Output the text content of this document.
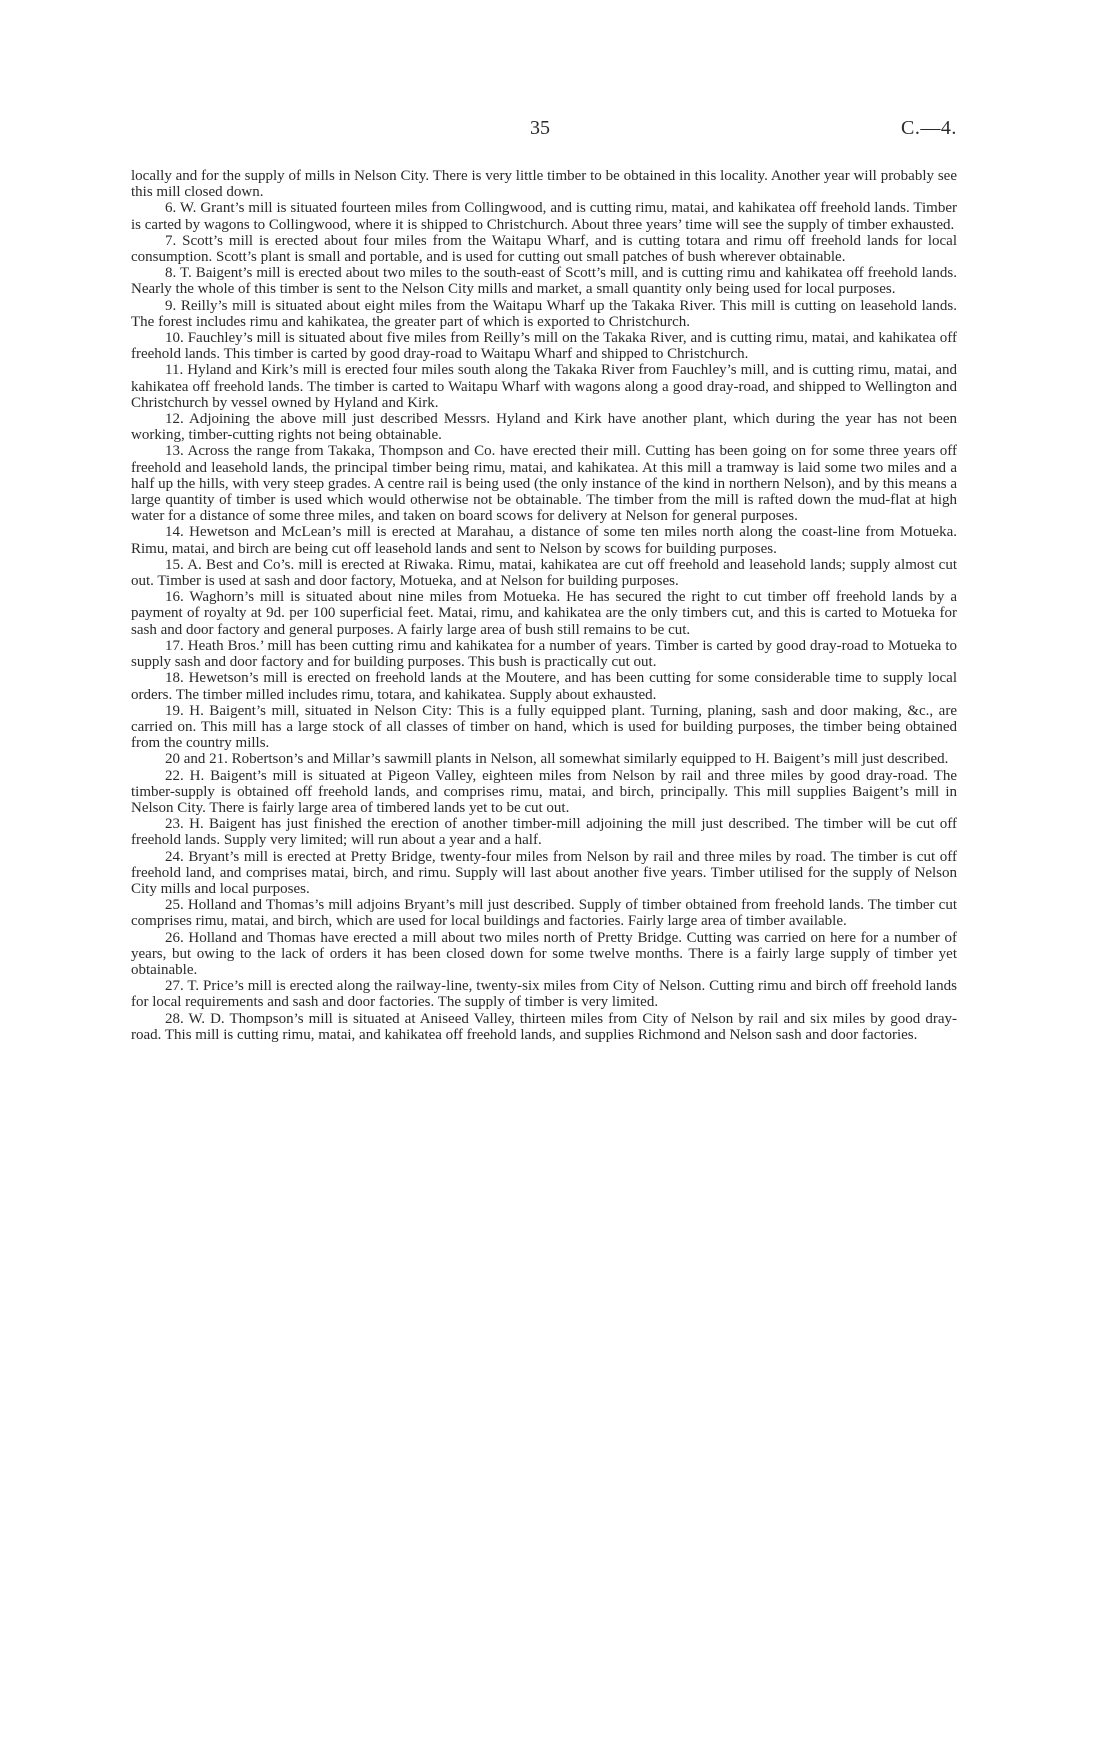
35	C.—4.

locally and for the supply of mills in Nelson City. There is very little timber to be obtained in this locality. Another year will probably see this mill closed down.

6. W. Grant’s mill is situated fourteen miles from Collingwood, and is cutting rimu, matai, and kahikatea off freehold lands. Timber is carted by wagons to Collingwood, where it is shipped to Christchurch. About three years’ time will see the supply of timber exhausted.

7. Scott’s mill is erected about four miles from the Waitapu Wharf, and is cutting totara and rimu off freehold lands for local consumption. Scott’s plant is small and portable, and is used for cutting out small patches of bush wherever obtainable.

8. T. Baigent’s mill is erected about two miles to the south-east of Scott’s mill, and is cutting rimu and kahikatea off freehold lands. Nearly the whole of this timber is sent to the Nelson City mills and market, a small quantity only being used for local purposes.

9. Reilly’s mill is situated about eight miles from the Waitapu Wharf up the Takaka River. This mill is cutting on leasehold lands. The forest includes rimu and kahikatea, the greater part of which is exported to Christchurch.

10. Fauchley’s mill is situated about five miles from Reilly’s mill on the Takaka River, and is cutting rimu, matai, and kahikatea off freehold lands. This timber is carted by good dray-road to Waitapu Wharf and shipped to Christchurch.

11. Hyland and Kirk’s mill is erected four miles south along the Takaka River from Fauchley’s mill, and is cutting rimu, matai, and kahikatea off freehold lands. The timber is carted to Waitapu Wharf with wagons along a good dray-road, and shipped to Wellington and Christchurch by vessel owned by Hyland and Kirk.

12. Adjoining the above mill just described Messrs. Hyland and Kirk have another plant, which during the year has not been working, timber-cutting rights not being obtainable.

13. Across the range from Takaka, Thompson and Co. have erected their mill. Cutting has been going on for some three years off freehold and leasehold lands, the principal timber being rimu, matai, and kahikatea. At this mill a tramway is laid some two miles and a half up the hills, with very steep grades. A centre rail is being used (the only instance of the kind in northern Nelson), and by this means a large quantity of timber is used which would otherwise not be obtainable. The timber from the mill is rafted down the mud-flat at high water for a distance of some three miles, and taken on board scows for delivery at Nelson for general purposes.

14. Hewetson and McLean’s mill is erected at Marahau, a distance of some ten miles north along the coast-line from Motueka. Rimu, matai, and birch are being cut off leasehold lands and sent to Nelson by scows for building purposes.

15. A. Best and Co’s. mill is erected at Riwaka. Rimu, matai, kahikatea are cut off freehold and leasehold lands; supply almost cut out. Timber is used at sash and door factory, Motueka, and at Nelson for building purposes.

16. Waghorn’s mill is situated about nine miles from Motueka. He has secured the right to cut timber off freehold lands by a payment of royalty at 9d. per 100 superficial feet. Matai, rimu, and kahikatea are the only timbers cut, and this is carted to Motueka for sash and door factory and general purposes. A fairly large area of bush still remains to be cut.

17. Heath Bros.’ mill has been cutting rimu and kahikatea for a number of years. Timber is carted by good dray-road to Motueka to supply sash and door factory and for building purposes. This bush is practically cut out.

18. Hewetson’s mill is erected on freehold lands at the Moutere, and has been cutting for some considerable time to supply local orders. The timber milled includes rimu, totara, and kahikatea. Supply about exhausted.

19. H. Baigent’s mill, situated in Nelson City: This is a fully equipped plant. Turning, planing, sash and door making, &c., are carried on. This mill has a large stock of all classes of timber on hand, which is used for building purposes, the timber being obtained from the country mills.

20 and 21. Robertson’s and Millar’s sawmill plants in Nelson, all somewhat similarly equipped to H. Baigent’s mill just described.

22. H. Baigent’s mill is situated at Pigeon Valley, eighteen miles from Nelson by rail and three miles by good dray-road. The timber-supply is obtained off freehold lands, and comprises rimu, matai, and birch, principally. This mill supplies Baigent’s mill in Nelson City. There is fairly large area of timbered lands yet to be cut out.

23. H. Baigent has just finished the erection of another timber-mill adjoining the mill just described. The timber will be cut off freehold lands. Supply very limited; will run about a year and a half.

24. Bryant’s mill is erected at Pretty Bridge, twenty-four miles from Nelson by rail and three miles by road. The timber is cut off freehold land, and comprises matai, birch, and rimu. Supply will last about another five years. Timber utilised for the supply of Nelson City mills and local purposes.

25. Holland and Thomas’s mill adjoins Bryant’s mill just described. Supply of timber obtained from freehold lands. The timber cut comprises rimu, matai, and birch, which are used for local buildings and factories. Fairly large area of timber available.

26. Holland and Thomas have erected a mill about two miles north of Pretty Bridge. Cutting was carried on here for a number of years, but owing to the lack of orders it has been closed down for some twelve months. There is a fairly large supply of timber yet obtainable.

27. T. Price’s mill is erected along the railway-line, twenty-six miles from City of Nelson. Cutting rimu and birch off freehold lands for local requirements and sash and door factories. The supply of timber is very limited.

28. W. D. Thompson’s mill is situated at Aniseed Valley, thirteen miles from City of Nelson by rail and six miles by good dray-road. This mill is cutting rimu, matai, and kahikatea off freehold lands, and supplies Richmond and Nelson sash and door factories.
